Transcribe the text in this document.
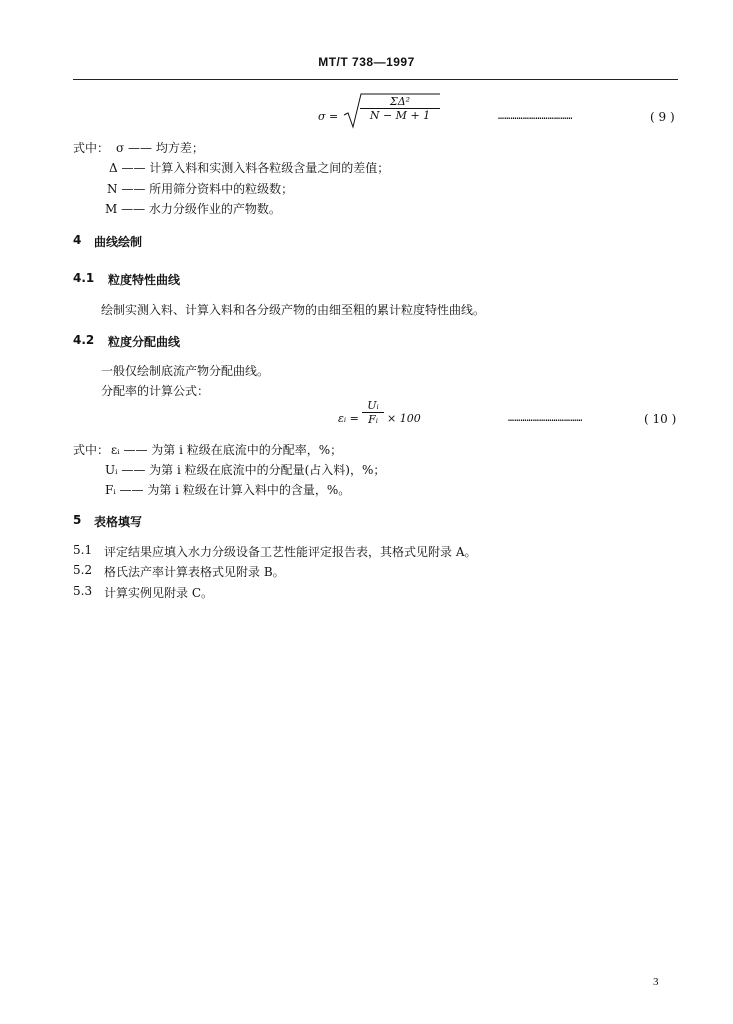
MT/T 738—1997
$\sigma = \frac{\text{ΣΔ²}}{N - M + 1}$	………………………………	( 9 )
式中： σ —— 均方差；
Δ —— 计算入料和实测入料各粒级含量之间的差值；
N —— 所用筛分资料中的粒级数；
M —— 水力分级作业的产物数。
4 曲线绘制
4.1 粒度特性曲线
绘制实测入料、计算入料和各分级产物的由细至粗的累计粒度特性曲线。
4.2 粒度分配曲线
一般仅绘制底流产物分配曲线。
分配率的计算公式：
εᵢ = $\frac{\text{Uᵢ}}{\text{Fᵢ}} \times 100$	………………………………	( 10 )
式中： εᵢ —— 为第 i 粒级在底流中的分配率，%；
Uᵢ —— 为第 i 粒级在底流中的分配量(占入料)，%；
Fᵢ —— 为第 i 粒级在计算入料中的含量，%。
5 表格填写
5.1 评定结果应填入水力分级设备工艺性能评定报告表，其格式见附录 A。
5.2 格氏法产率计算表格式见附录 B。
5.3 计算实例见附录 C。
3
